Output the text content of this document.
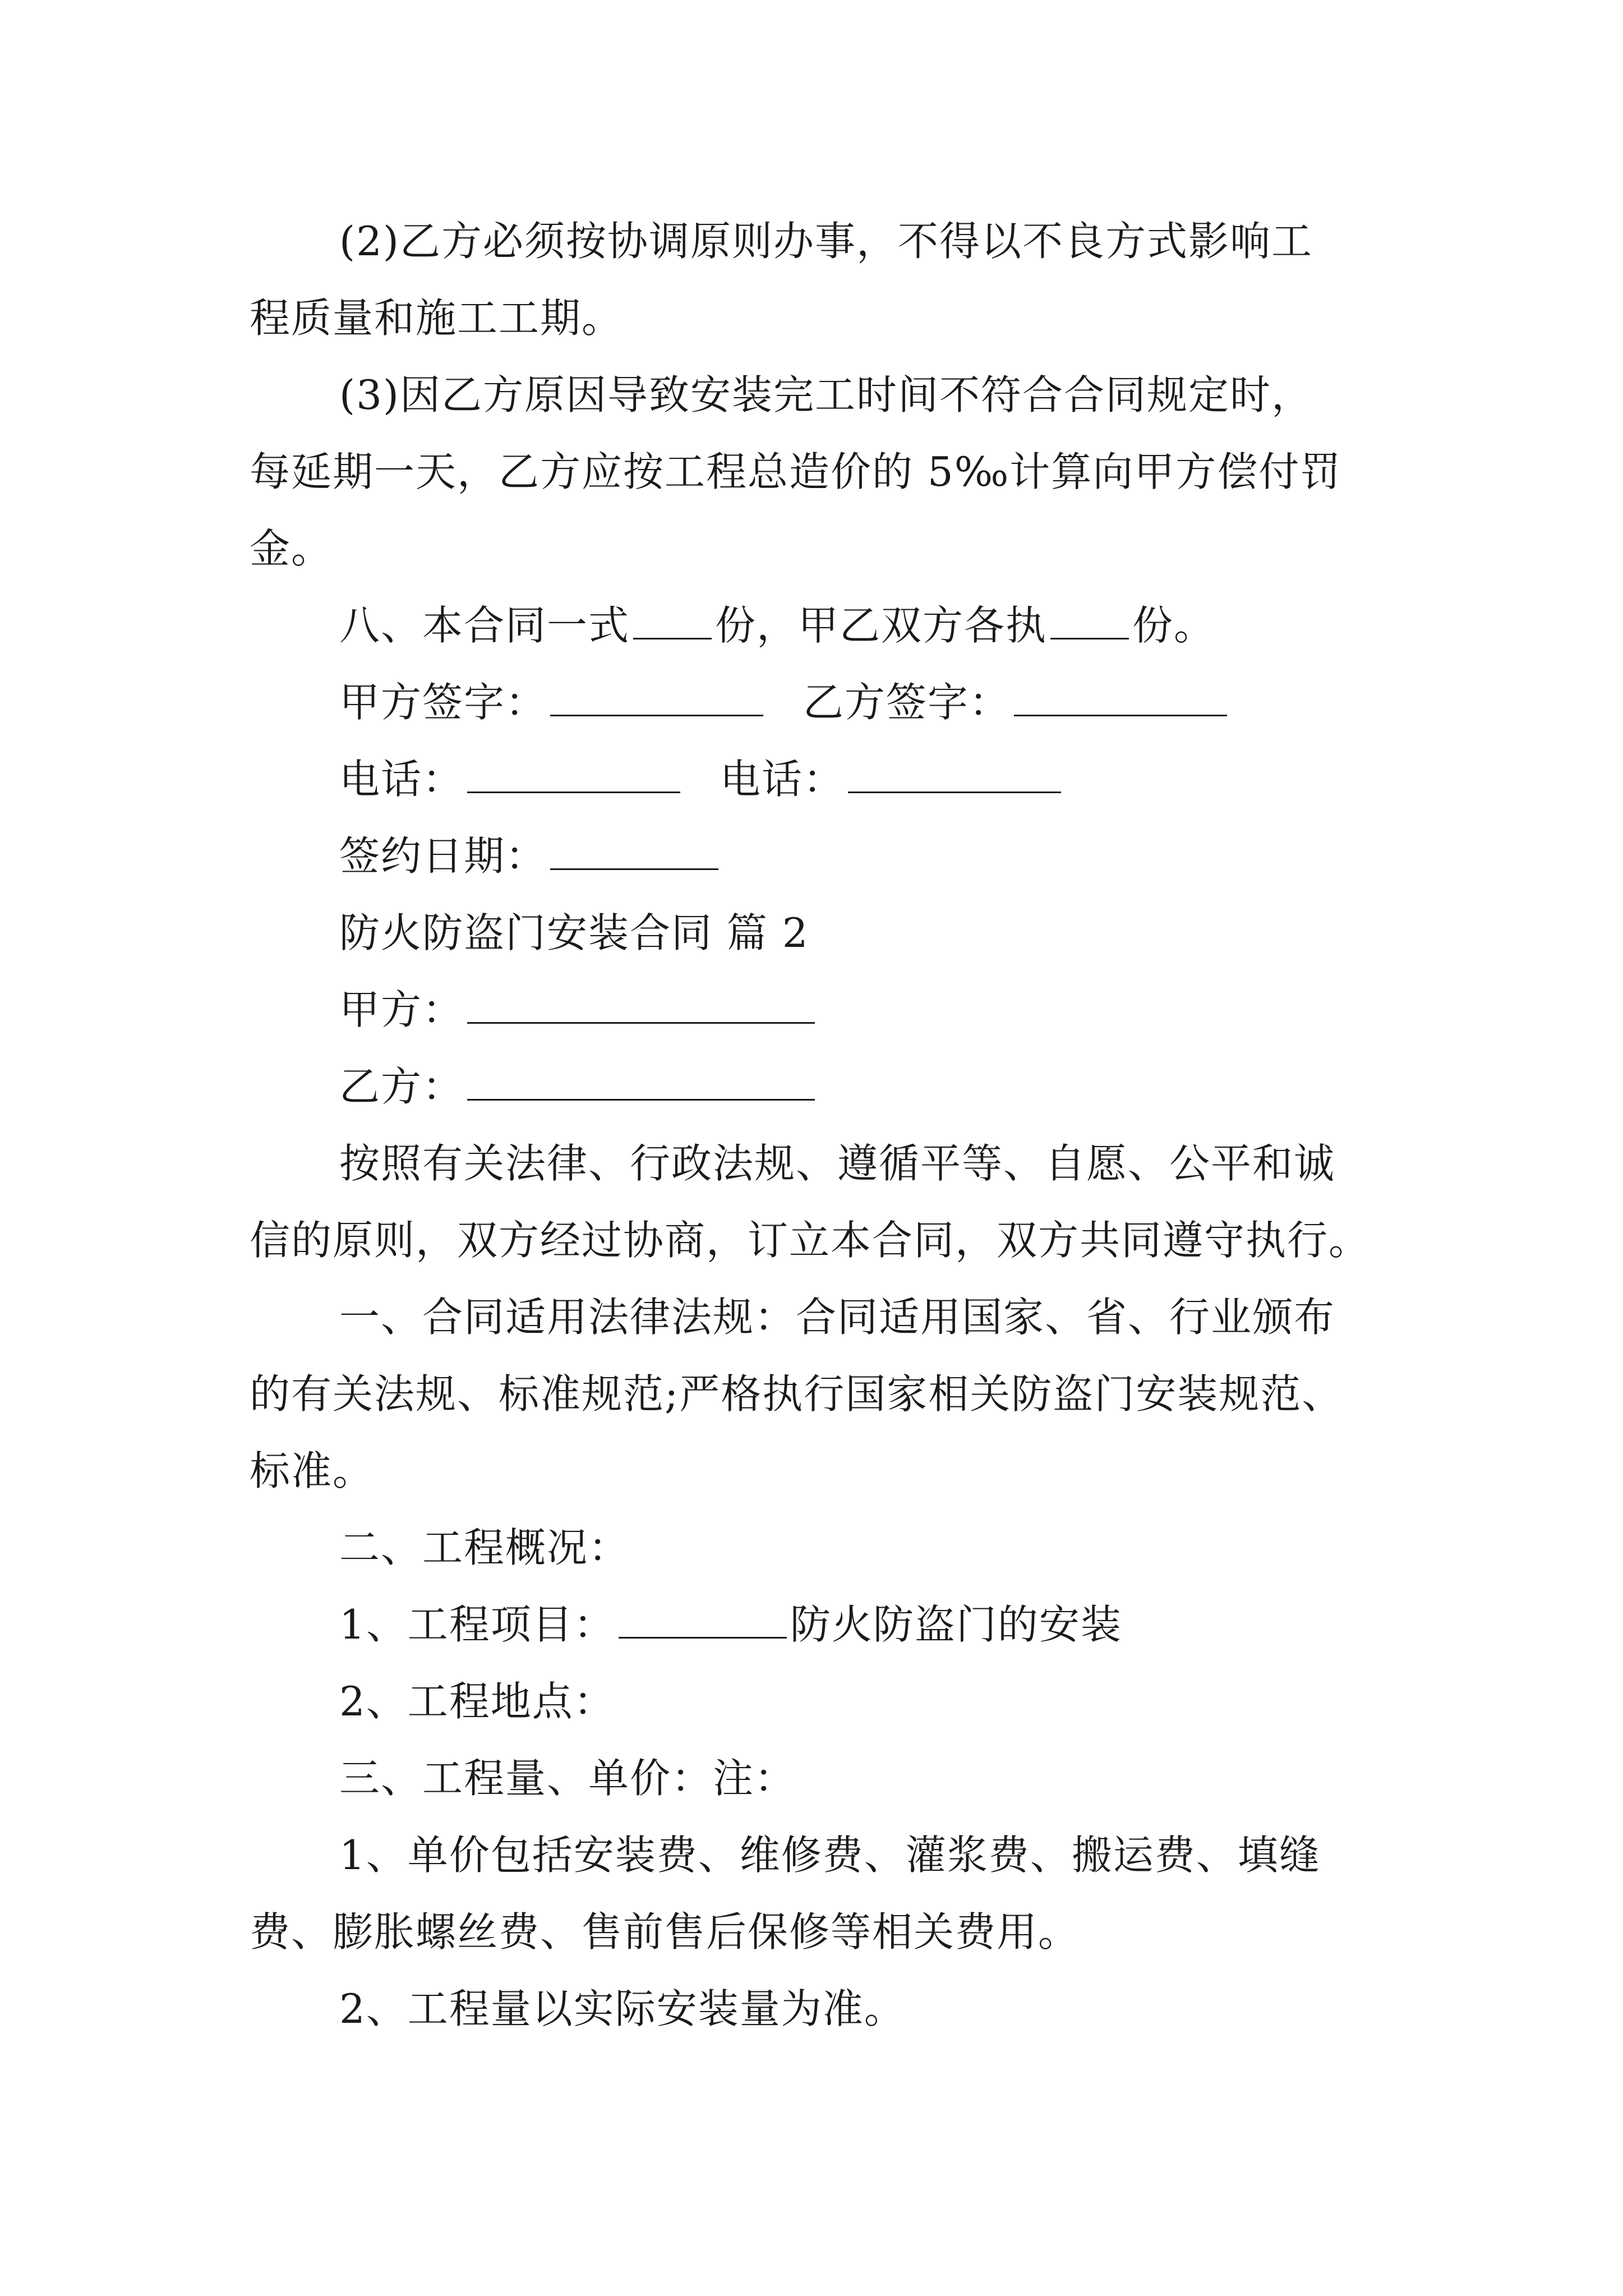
(2)乙方必须按协调原则办事，不得以不良方式影响工
程质量和施工工期。
(3)因乙方原因导致安装完工时间不符合合同规定时，
每延期一天，乙方应按工程总造价的 5‰计算向甲方偿付罚
金。
八、本合同一式 份，甲乙双方各执 份。
甲方签字：	乙方签字：
电话：	电话：
签约日期：
防火防盗门安装合同 篇 2
甲方：
乙方：
按照有关法律、行政法规、遵循平等、自愿、公平和诚
信的原则，双方经过协商，订立本合同，双方共同遵守执行。
一、合同适用法律法规：合同适用国家、省、行业颁布
的有关法规、标准规范;严格执行国家相关防盗门安装规范、
标准。
二、工程概况：
1、工程项目：	防火防盗门的安装
2、工程地点：
三、工程量、单价：注：
1、单价包括安装费、维修费、灌浆费、搬运费、填缝
费、膨胀螺丝费、售前售后保修等相关费用。
2、工程量以实际安装量为准。
